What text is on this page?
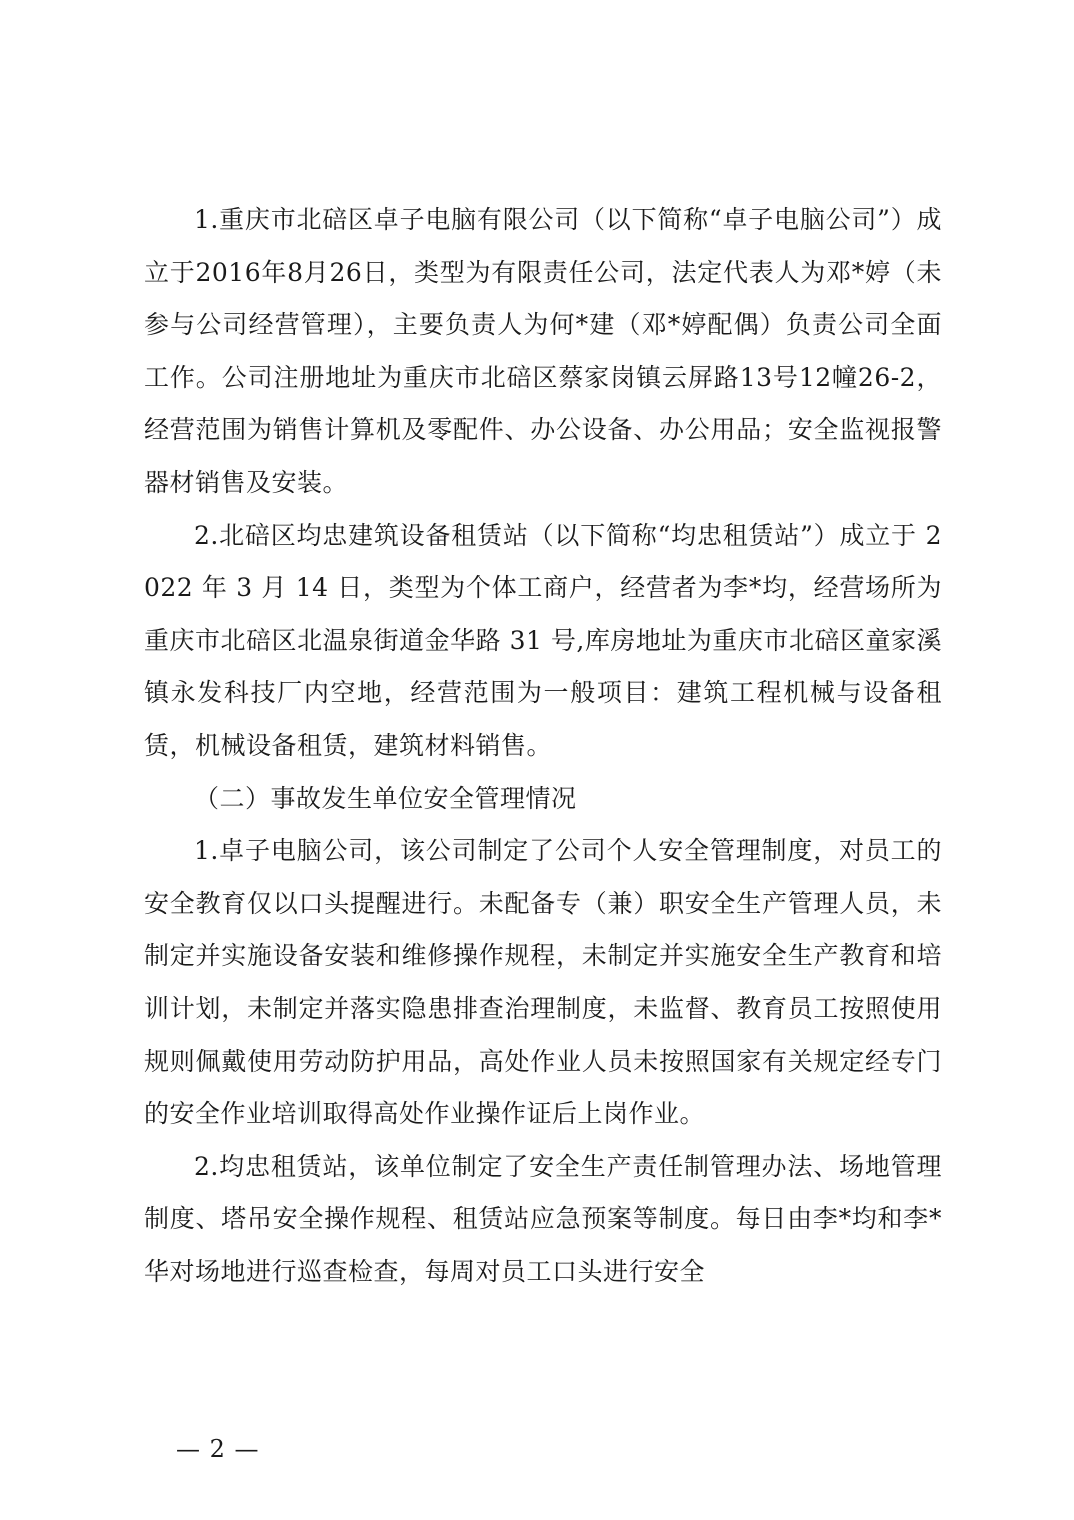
1.重庆市北碚区卓子电脑有限公司（以下简称“卓子电脑公司”）成立于2016年8月26日，类型为有限责任公司，法定代表人为邓*婷（未参与公司经营管理），主要负责人为何*建（邓*婷配偶）负责公司全面工作。公司注册地址为重庆市北碚区蔡家岗镇云屏路13号12幢26-2，经营范围为销售计算机及零配件、办公设备、办公用品；安全监视报警器材销售及安装。

2.北碚区均忠建筑设备租赁站（以下简称“均忠租赁站”）成立于 2022 年 3 月 14 日，类型为个体工商户，经营者为李*均，经营场所为重庆市北碚区北温泉街道金华路 31 号,库房地址为重庆市北碚区童家溪镇永发科技厂内空地，经营范围为一般项目：建筑工程机械与设备租赁，机械设备租赁，建筑材料销售。

（二）事故发生单位安全管理情况

1.卓子电脑公司，该公司制定了公司个人安全管理制度，对员工的安全教育仅以口头提醒进行。未配备专（兼）职安全生产管理人员，未制定并实施设备安装和维修操作规程，未制定并实施安全生产教育和培训计划，未制定并落实隐患排查治理制度，未监督、教育员工按照使用规则佩戴使用劳动防护用品，高处作业人员未按照国家有关规定经专门的安全作业培训取得高处作业操作证后上岗作业。

2.均忠租赁站，该单位制定了安全生产责任制管理办法、场地管理制度、塔吊安全操作规程、租赁站应急预案等制度。每日由李*均和李*华对场地进行巡查检查，每周对员工口头进行安全

— 2 —
